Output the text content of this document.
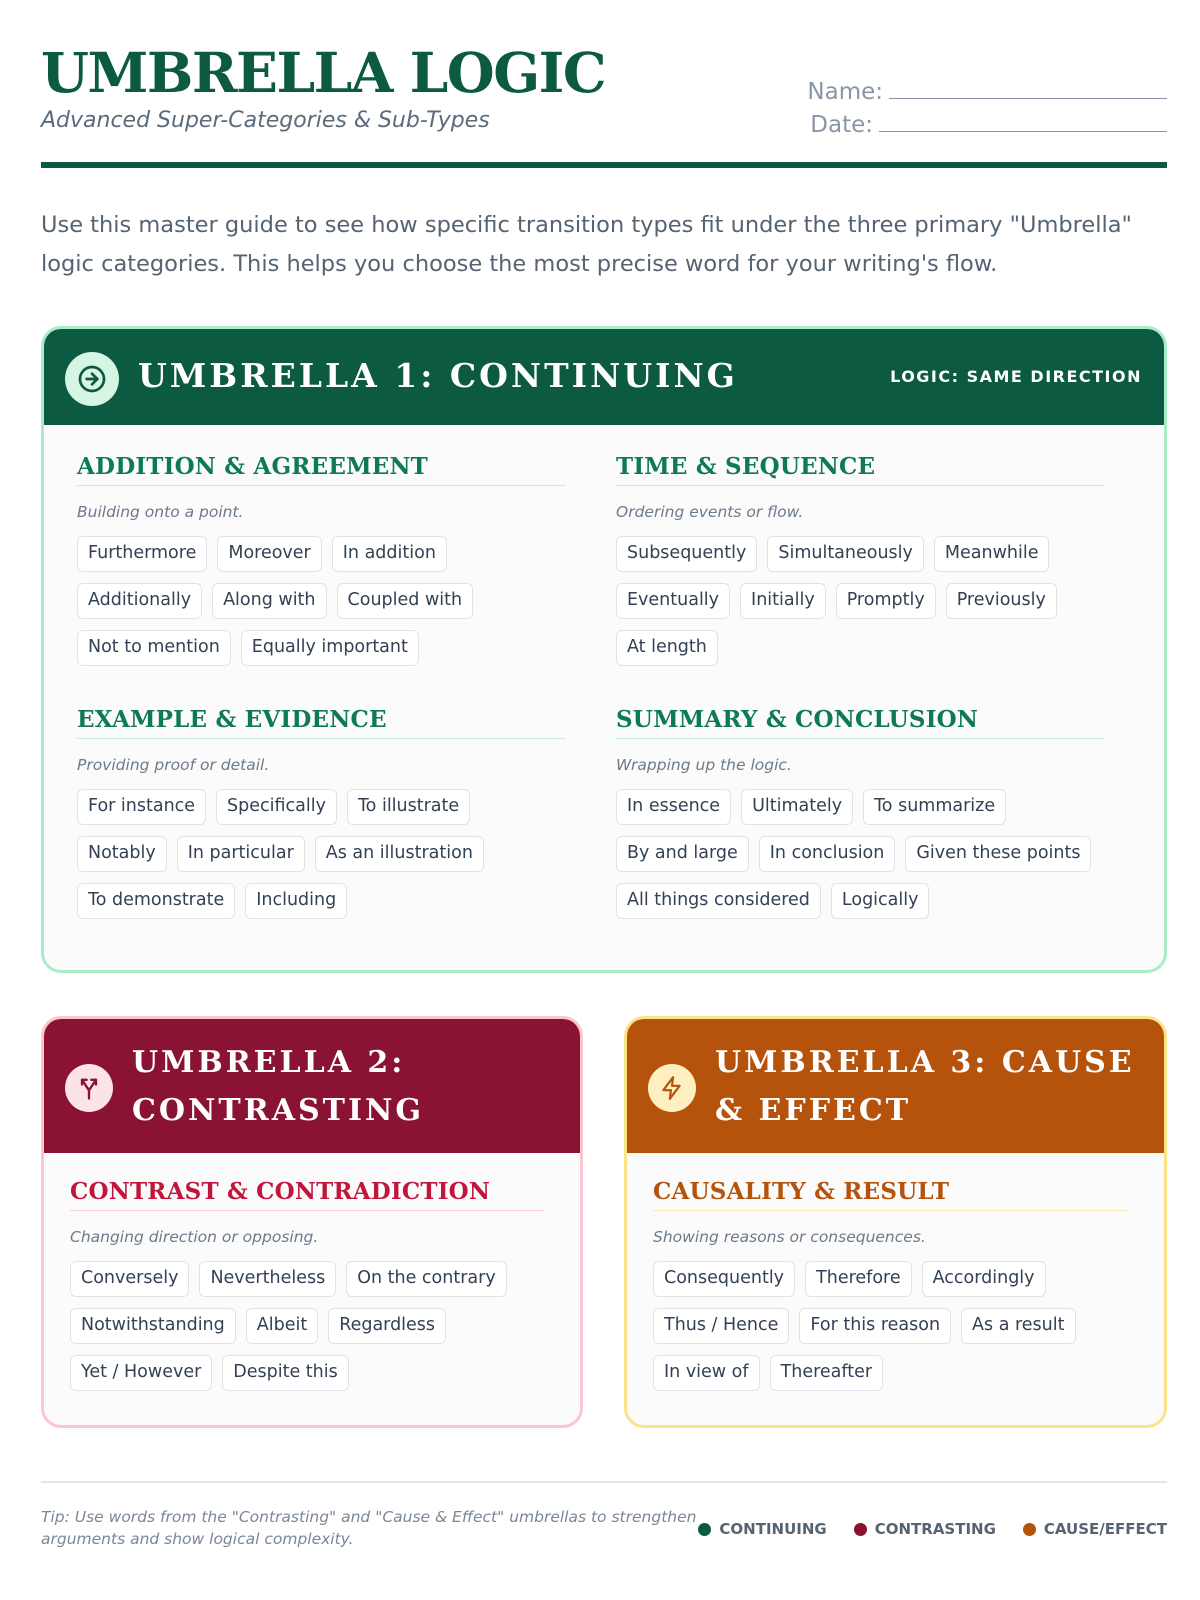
UMBRELLA LOGIC
Advanced Super-Categories & Sub-Types
Name:
Date:

Use this master guide to see how specific transition types fit under the three primary "Umbrella" logic categories. This helps you choose the most precise word for your writing's flow.

UMBRELLA 1: CONTINUING	LOGIC: SAME DIRECTION
ADDITION & AGREEMENT
Building onto a point.
Furthermore	Moreover	In addition
Additionally	Along with	Coupled with
Not to mention	Equally important
TIME & SEQUENCE
Ordering events or flow.
Subsequently	Simultaneously	Meanwhile
Eventually	Initially	Promptly	Previously
At length
EXAMPLE & EVIDENCE
Providing proof or detail.
For instance	Specifically	To illustrate
Notably	In particular	As an illustration
To demonstrate	Including
SUMMARY & CONCLUSION
Wrapping up the logic.
In essence	Ultimately	To summarize
By and large	In conclusion	Given these points
All things considered	Logically
UMBRELLA 2: CONTRASTING
CONTRAST & CONTRADICTION
Changing direction or opposing.
Conversely	Nevertheless	On the contrary
Notwithstanding	Albeit	Regardless
Yet / However	Despite this
UMBRELLA 3: CAUSE & EFFECT
CAUSALITY & RESULT
Showing reasons or consequences.
Consequently	Therefore	Accordingly
Thus / Hence	For this reason	As a result
In view of	Thereafter

Tip: Use words from the "Contrasting" and "Cause & Effect" umbrellas to strengthen arguments and show logical complexity.

CONTINUING	CONTRASTING	CAUSE/EFFECT
